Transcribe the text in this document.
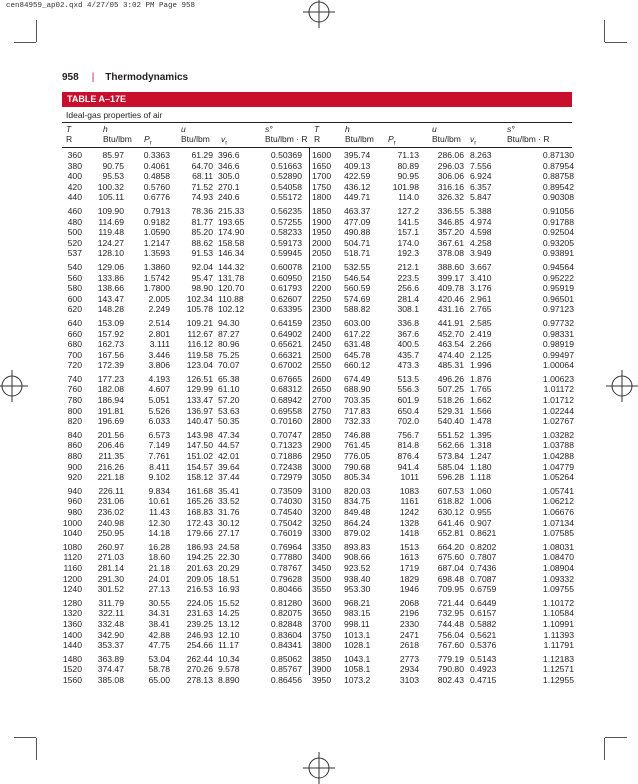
cen84959_ap02.qxd 4/27/05 3:02 PM Page 958
958 | Thermodynamics
TABLE A–17E
Ideal-gas properties of air
T
R
h
Btu/lbm $P_r$
u
Btu/lbm $v_r$
s°
Btu/lbm · R
T
R
h
Btu/lbm $P_r$
u
Btu/lbm $v_r$
s°
Btu/lbm · R
360 85.97 0.3363 61.29 396.6	0.50369 1600 395.74	71.13 286.06 8.263	0.87130
380 90.75 0.4061 64.70 346.6	0.51663 1650 409.13	80.89 296.03 7.556	0.87954
400 95.53 0.4858	68.11 305.0	0.52890 1700 422.59	90.95 306.06 6.924	0.88758
420 100.32 0.5760 71.52 270.1	0.54058 1750 436.12	101.98 316.16 6.357	0.89542
440 105.11 0.6776 74.93 240.6	0.55172 1800 449.71	114.0 326.32 5.847	0.90308
460 109.90 0.7913 78.36 215.33	0.56235 1850 463.37	127.2 336.55 5.388	0.91056
480 114.69 0.9182 81.77 193.65	0.57255 1900 477.09	141.5 346.85 4.974	0.91788
500 119.48 1.0590 85.20 174.90	0.58233 1950 490.88	157.1 357.20 4.598	0.92504
520 124.27 1.2147 88.62 158.58	0.59173 2000 504.71	174.0 367.61 4.258	0.93205
537 128.10 1.3593 91.53 146.34	0.59945 2050 518.71	192.3 378.08 3.949	0.93891
540 129.06 1.3860 92.04 144.32	0.60078 2100 532.55	212.1 388.60 3.667	0.94564
560 133.86 1.5742 95.47 131.78	0.60950 2150 546.54	223.5 399.17 3.410	0.95222
580 138.66 1.7800 98.90 120.70	0.61793 2200 560.59	256.6 409.78 3.176	0.95919
600 143.47	2.005 102.34 110.88	0.62607 2250 574.69	281.4 420.46 2.961	0.96501
620 148.28	2.249 105.78 102.12	0.63395 2300 588.82	308.1 431.16 2.765	0.97123
640 153.09	2.514 109.21 94.30	0.64159 2350 603.00	336.8 441.91 2.585	0.97732
660 157.92	2.801 112.67 87.27	0.64902 2400 617.22	367.6 452.70 2.419	0.98331
680 162.73	3.111 116.12 80.96	0.65621 2450 631.48	400.5 463.54 2.266	0.98919
700 167.56	3.446 119.58 75.25	0.66321 2500 645.78	435.7 474.40 2.125	0.99497
720 172.39	3.806 123.04 70.07	0.67002 2550 660.12	473.3 485.31 1.996	1.00064
740 177.23	4.193 126.51 65.38	0.67665 2600 674.49	513.5 496.26 1.876	1.00623
760 182.08	4.607 129.99 61.10	0.68312 2650 688.90	556.3 507.25 1.765	1.01172
780 186.94	5.051 133.47 57.20	0.68942 2700 703.35	601.9 518.26 1.662	1.01712
800 191.81	5.526 136.97 53.63	0.69558 2750 717.83	650.4 529.31 1.566	1.02244
820 196.69	6.033 140.47 50.35	0.70160 2800 732.33	702.0 540.40 1.478	1.02767
840 201.56	6.573 143.98 47.34	0.70747 2850 746.88	756.7 551.52 1.395	1.03282
860 206.46	7.149 147.50 44.57	0.71323 2900 761.45	814.8 562.66 1.318	1.03788
880 211.35	7.761 151.02 42.01	0.71886 2950 776.05	876.4 573.84 1.247	1.04288
900 216.26	8.411 154.57 39.64	0.72438 3000 790.68	941.4 585.04 1.180	1.04779
920 221.18	9.102 158.12 37.44	0.72979 3050 805.34	1011 596.28 1.118	1.05264
940 226.11	9.834 161.68 35.41	0.73509 3100 820.03	1083 607.53 1.060	1.05741
960 231.06	10.61 165.26 33.52	0.74030 3150 834.75	1161 618.82 1.006	1.06212
980 236.02	11.43 168.83 31.76	0.74540 3200 849.48	1242 630.12 0.955	1.06676
1000 240.98	12.30 172.43 30.12	0.75042 3250 864.24	1328 641.46 0.907	1.07134
1040 250.95	14.18 179.66 27.17	0.76019 3300 879.02	1418 652.81 0.8621	1.07585
1080 260.97	16.28 186.93 24.58	0.76964 3350 893.83	1513 664.20 0.8202	1.08031
1120 271.03	18.60 194.25 22.30	0.77880 3400 908.66	1613 675.60 0.7807	1.08470
1160 281.14	21.18 201.63 20.29	0.78767 3450 923.52	1719 687.04 0.7436	1.08904
1200 291.30	24.01 209.05 18.51	0.79628 3500 938.40	1829 698.48 0.7087	1.09332
1240 301.52	27.13 216.53 16.93	0.80466 3550 953.30	1946 709.95 0.6759	1.09755
1280 311.79	30.55 224.05 15.52	0.81280 3600 968.21	2068 721.44 0.6449	1.10172
1320 322.11	34.31 231.63 14.25	0.82075 3650 983.15	2196 732.95 0.6157	1.10584
1360 332.48	38.41 239.25 13.12	0.82848 3700 998.11	2330 744.48 0.5882	1.10991
1400 342.90	42.88 246.93 12.10	0.83604 3750 1013.1	2471 756.04 0.5621	1.11393
1440 353.37	47.75 254.66 11.17	0.84341 3800 1028.1	2618 767.60 0.5376	1.11791
1480 363.89	53.04 262.44 10.34	0.85062 3850 1043.1	2773 779.19 0.5143	1.12183
1520 374.47	58.78 270.26 9.578	0.85767 3900 1058.1	2934 790.80 0.4923	1.12571
1560 385.08	65.00 278.13 8.890	0.86456 3950 1073.2	3103 802.43 0.4715	1.12955
